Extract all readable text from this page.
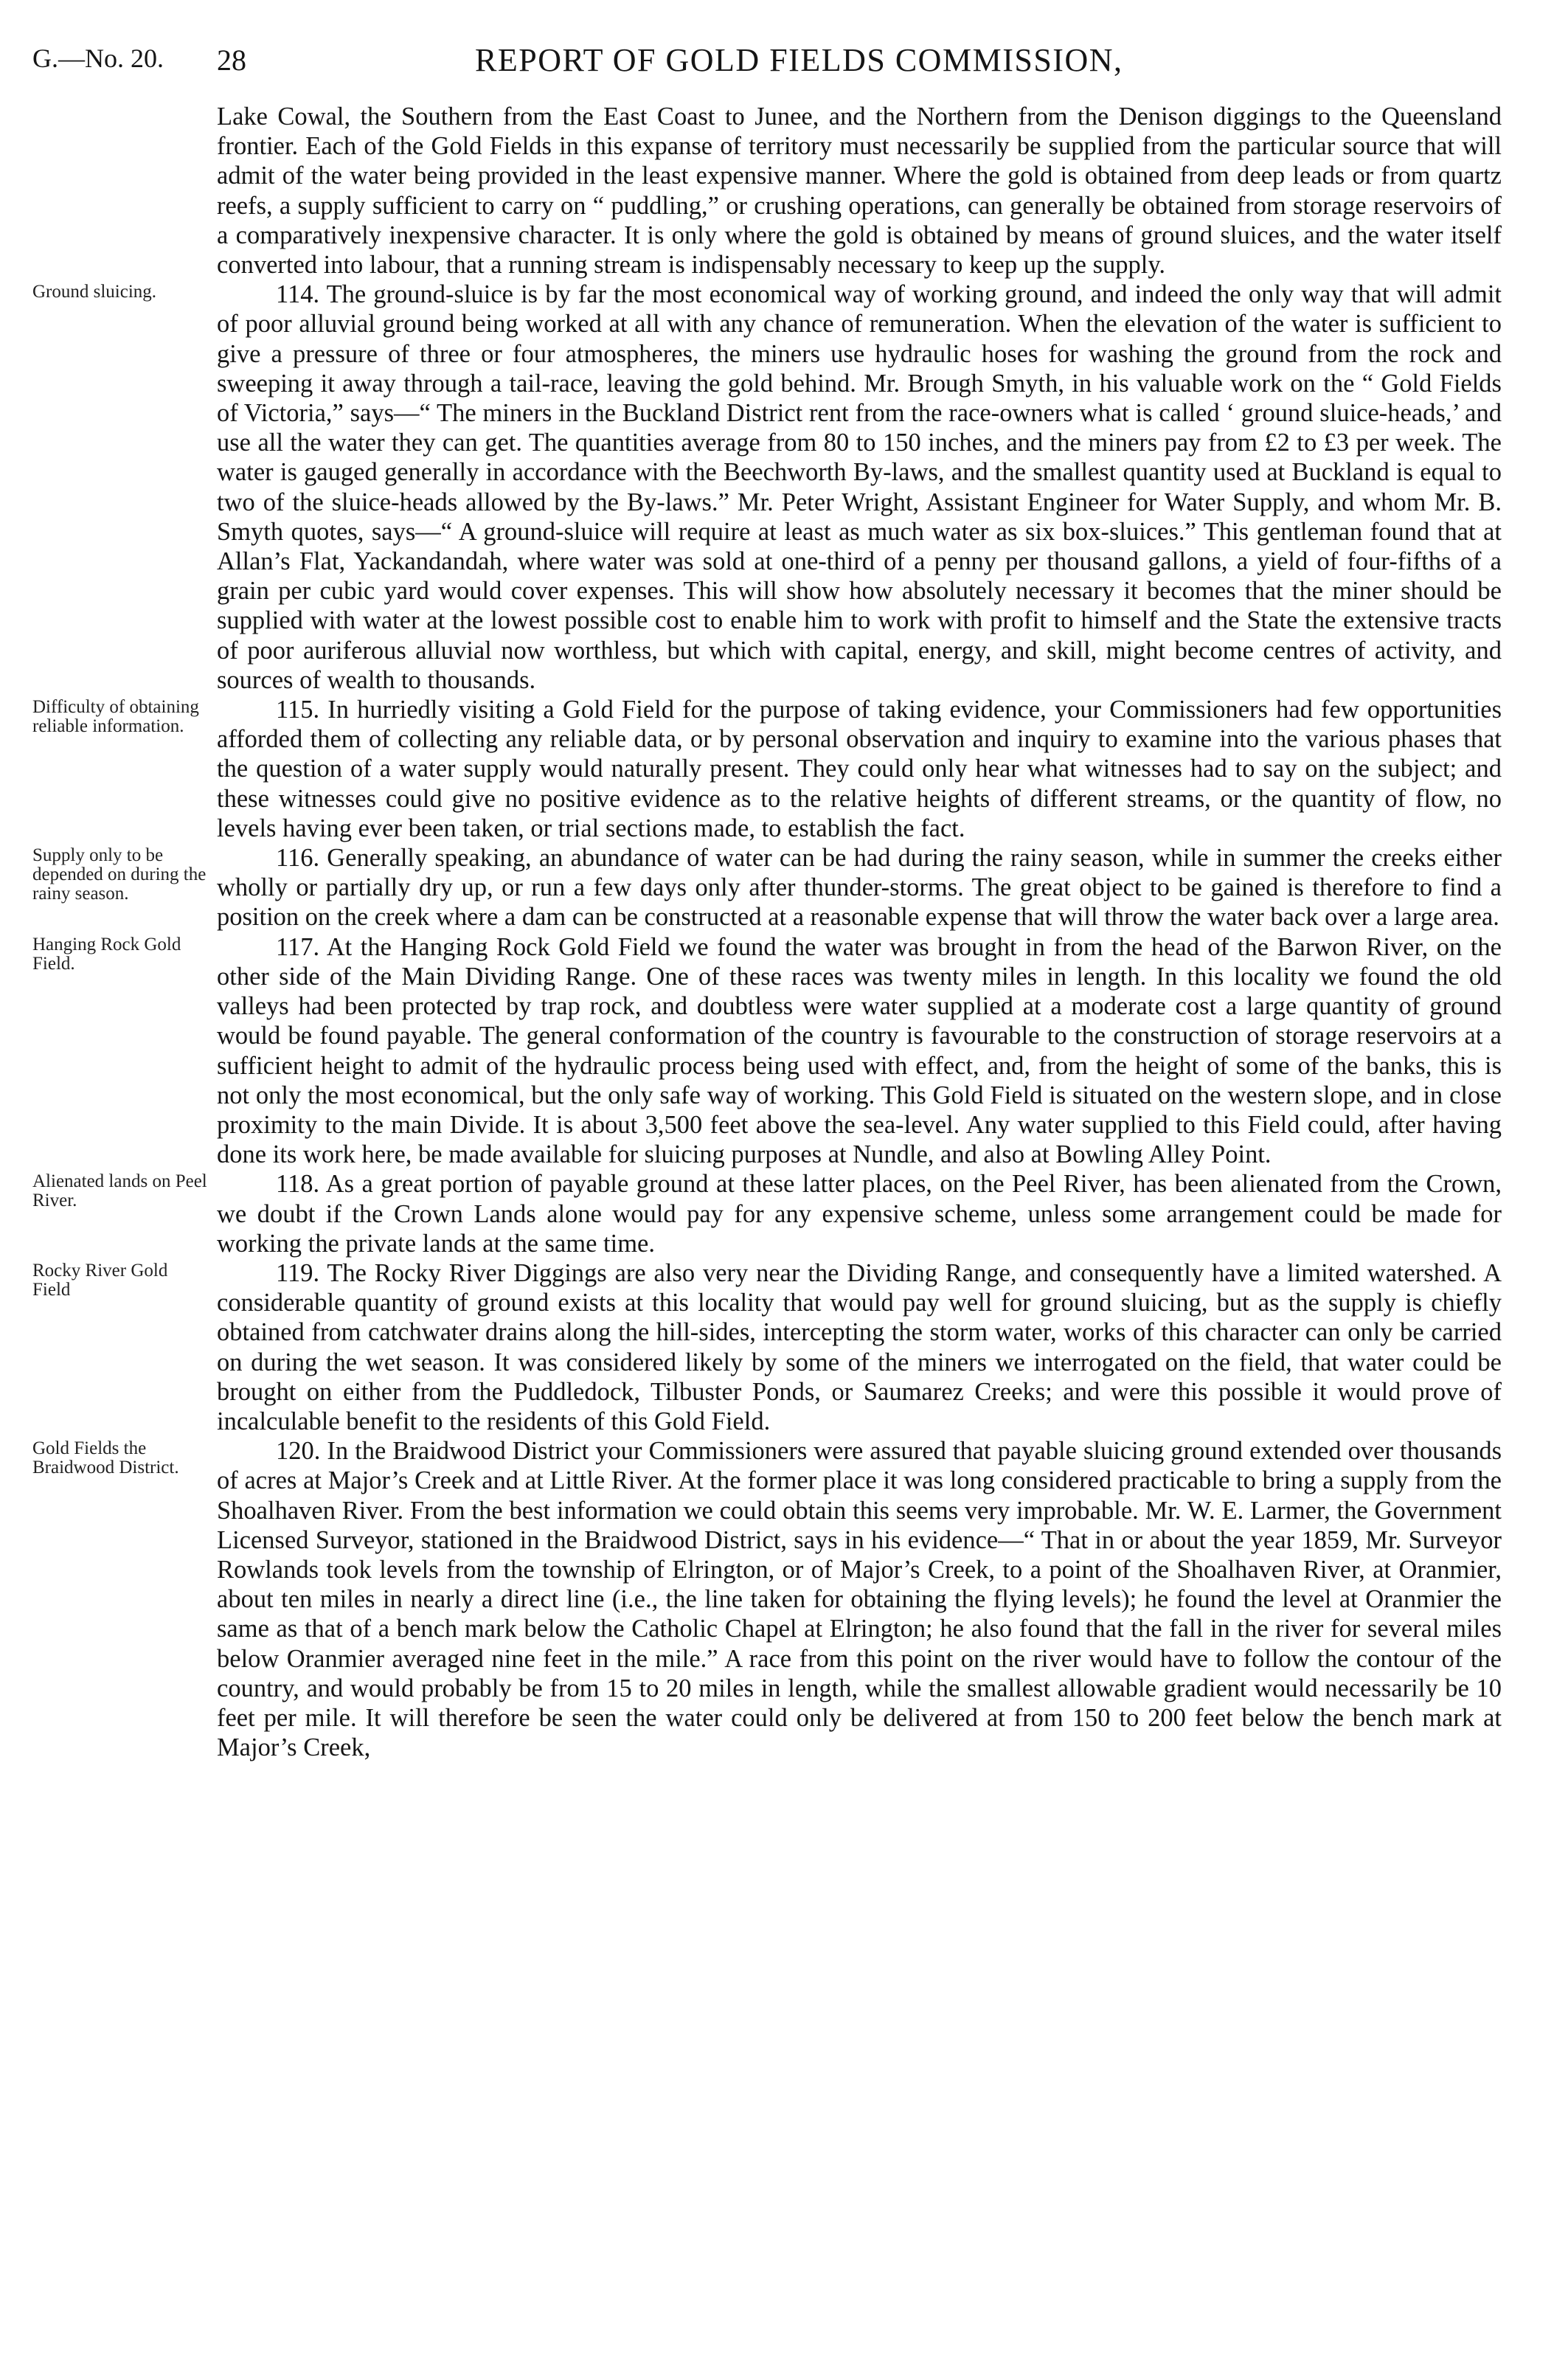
G.—No. 20. 28	REPORT OF GOLD FIELDS COMMISSION,

Lake Cowal, the Southern from the East Coast to Junee, and the Northern from the Denison diggings to the Queensland frontier. Each of the Gold Fields in this expanse of territory must necessarily be supplied from the particular source that will admit of the water being provided in the least expensive manner. Where the gold is obtained from deep leads or from quartz reefs, a supply sufficient to carry on “ puddling,” or crushing operations, can generally be obtained from storage reservoirs of a comparatively inexpensive character. It is only where the gold is obtained by means of ground sluices, and the water itself converted into labour, that a running stream is indispensably necessary to keep up the supply.

Ground sluicing.	114. The ground-sluice is by far the most economical way of working ground, and indeed the only way that will admit of poor alluvial ground being worked at all with any chance of remuneration. When the elevation of the water is sufficient to give a pressure of three or four atmospheres, the miners use hydraulic hoses for washing the ground from the rock and sweeping it away through a tail-race, leaving the gold behind. Mr. Brough Smyth, in his valuable work on the “ Gold Fields of Victoria,” says—“ The miners in the Buckland District rent from the race-owners what is called ‘ ground sluice-heads,’ and use all the water they can get. The quantities average from 80 to 150 inches, and the miners pay from £2 to £3 per week. The water is gauged generally in accordance with the Beechworth By-laws, and the smallest quantity used at Buckland is equal to two of the sluice-heads allowed by the By-laws.” Mr. Peter Wright, Assistant Engineer for Water Supply, and whom Mr. B. Smyth quotes, says—“ A ground-sluice will require at least as much water as six box-sluices.” This gentleman found that at Allan’s Flat, Yackandandah, where water was sold at one-third of a penny per thousand gallons, a yield of four-fifths of a grain per cubic yard would cover expenses. This will show how absolutely necessary it becomes that the miner should be supplied with water at the lowest possible cost to enable him to work with profit to himself and the State the extensive tracts of poor auriferous alluvial now worthless, but which with capital, energy, and skill, might become centres of activity, and sources of wealth to thousands.

Difficulty of obtaining reliable information.

115. In hurriedly visiting a Gold Field for the purpose of taking evidence, your Commissioners had few opportunities afforded them of collecting any reliable data, or by personal observation and inquiry to examine into the various phases that the question of a water supply would naturally present. They could only hear what witnesses had to say on the subject; and these witnesses could give no positive evidence as to the relative heights of different streams, or the quantity of flow, no levels having ever been taken, or trial sections made, to establish the fact.

Supply only to be depended on during the rainy season.

116. Generally speaking, an abundance of water can be had during the rainy season, while in summer the creeks either wholly or partially dry up, or run a few days only after thunder-storms. The great object to be gained is therefore to find a position on the creek where a dam can be constructed at a reasonable expense that will throw the water back over a large area.

Hanging Rock Gold Field.

117. At the Hanging Rock Gold Field we found the water was brought in from the head of the Barwon River, on the other side of the Main Dividing Range. One of these races was twenty miles in length. In this locality we found the old valleys had been protected by trap rock, and doubtless were water supplied at a moderate cost a large quantity of ground would be found payable. The general conformation of the country is favourable to the construction of storage reservoirs at a sufficient height to admit of the hydraulic process being used with effect, and, from the height of some of the banks, this is not only the most economical, but the only safe way of working. This Gold Field is situated on the western slope, and in close proximity to the main Divide. It is about 3,500 feet above the sea-level. Any water supplied to this Field could, after having done its work here, be made available for sluicing purposes at Nundle, and also at Bowling Alley Point.

Alienated lands on Peel River.

118. As a great portion of payable ground at these latter places, on the Peel River, has been alienated from the Crown, we doubt if the Crown Lands alone would pay for any expensive scheme, unless some arrangement could be made for working the private lands at the same time.

Rocky River Gold Field

119. The Rocky River Diggings are also very near the Dividing Range, and consequently have a limited watershed. A considerable quantity of ground exists at this locality that would pay well for ground sluicing, but as the supply is chiefly obtained from catchwater drains along the hill-sides, intercepting the storm water, works of this character can only be carried on during the wet season. It was considered likely by some of the miners we interrogated on the field, that water could be brought on either from the Puddledock, Tilbuster Ponds, or Saumarez Creeks; and were this possible it would prove of incalculable benefit to the residents of this Gold Field.

Gold Fields the Braidwood District.

120. In the Braidwood District your Commissioners were assured that payable sluicing ground extended over thousands of acres at Major’s Creek and at Little River. At the former place it was long considered practicable to bring a supply from the Shoalhaven River. From the best information we could obtain this seems very improbable. Mr. W. E. Larmer, the Government Licensed Surveyor, stationed in the Braidwood District, says in his evidence—“ That in or about the year 1859, Mr. Surveyor Rowlands took levels from the township of Elrington, or of Major’s Creek, to a point of the Shoalhaven River, at Oranmier, about ten miles in nearly a direct line (i.e., the line taken for obtaining the flying levels); he found the level at Oranmier the same as that of a bench mark below the Catholic Chapel at Elrington; he also found that the fall in the river for several miles below Oranmier averaged nine feet in the mile.” A race from this point on the river would have to follow the contour of the country, and would probably be from 15 to 20 miles in length, while the smallest allowable gradient would necessarily be 10 feet per mile. It will therefore be seen the water could only be delivered at from 150 to 200 feet below the bench mark at Major’s Creek,
